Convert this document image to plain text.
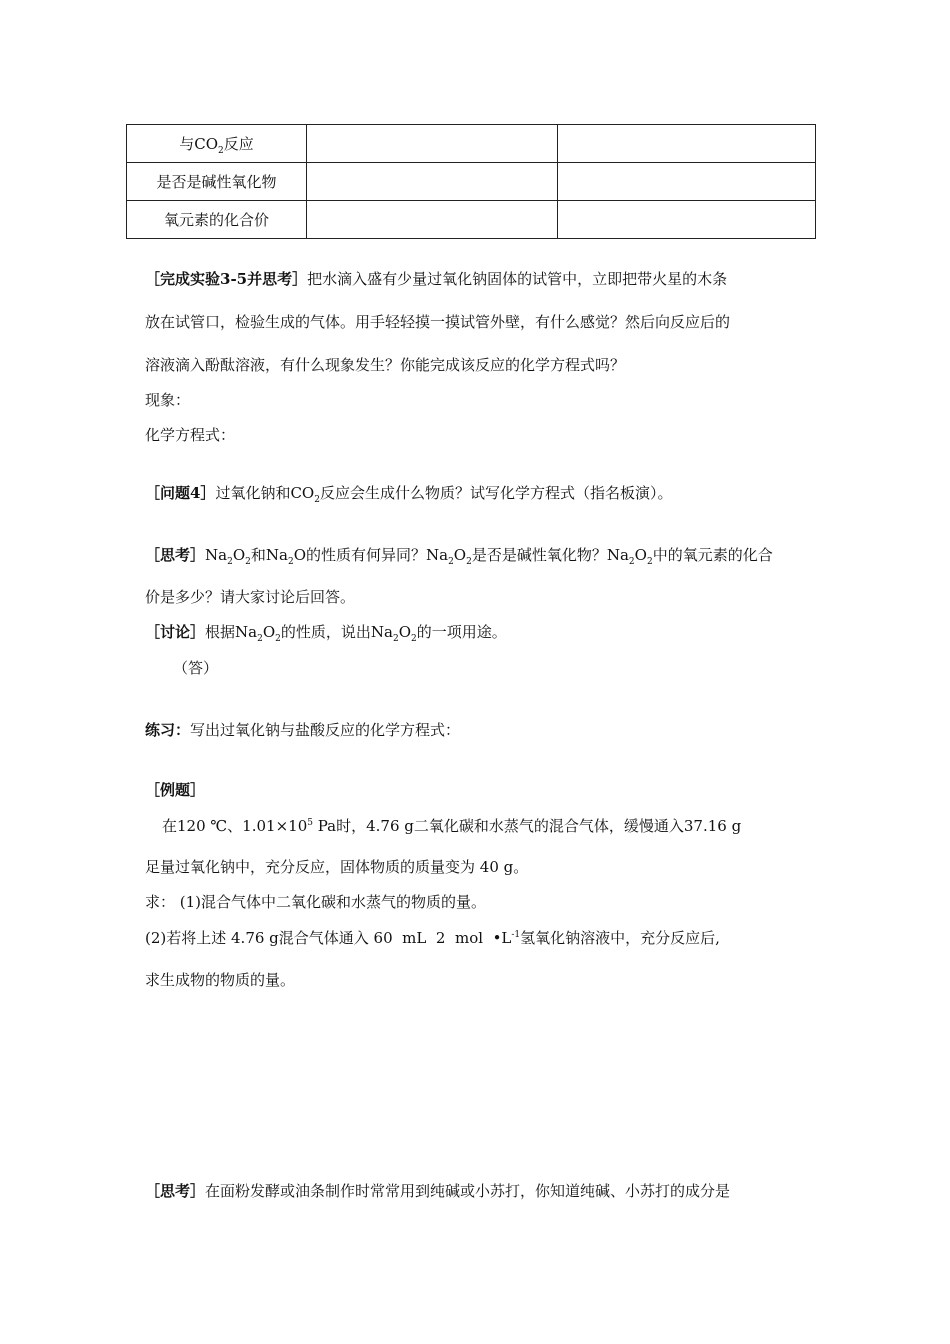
与$CO_2$反应		
是否是碱性氧化物		
氧元素的化合价		
［完成实验3-5并思考］把水滴入盛有少量过氧化钠固体的试管中，立即把带火星的木条
放在试管口，检验生成的气体。用手轻轻摸一摸试管外壁，有什么感觉？然后向反应后的
溶液滴入酚酞溶液，有什么现象发生？你能完成该反应的化学方程式吗？
现象：
化学方程式：
［问题4］过氧化钠和$CO_2$反应会生成什么物质？试写化学方程式（指名板演）。
［思考$]Na_2O_2$和$Na_2O$的性质有何异同？$Na_2O_2$是否是碱性氧化物？$Na_2O_2$中的氧元素的化合
价是多少？请大家讨论后回答。
［讨论］根据$Na_2O_2$的性质，说出$Na_2O_2$的一项用途。
（答）
练习：写出过氧化钠与盐酸反应的化学方程式：
［例题］
在120 ℃、$1.01\times 10^5$ Pa时，4.76 g二氧化碳和水蒸气的混合气体，缓慢通入37.16 g
足量过氧化钠中，充分反应，固体物质的质量变为 40 g。
求： (1)混合气体中二氧化碳和水蒸气的物质的量。
(2)若将上述 4.76 g混合气体通入 60  mL  2  mol  $•L^{-1}$氢氧化钠溶液中，充分反应后,
求生成物的物质的量。
［思考］在面粉发酵或油条制作时常常用到纯碱或小苏打，你知道纯碱、小苏打的成分是
